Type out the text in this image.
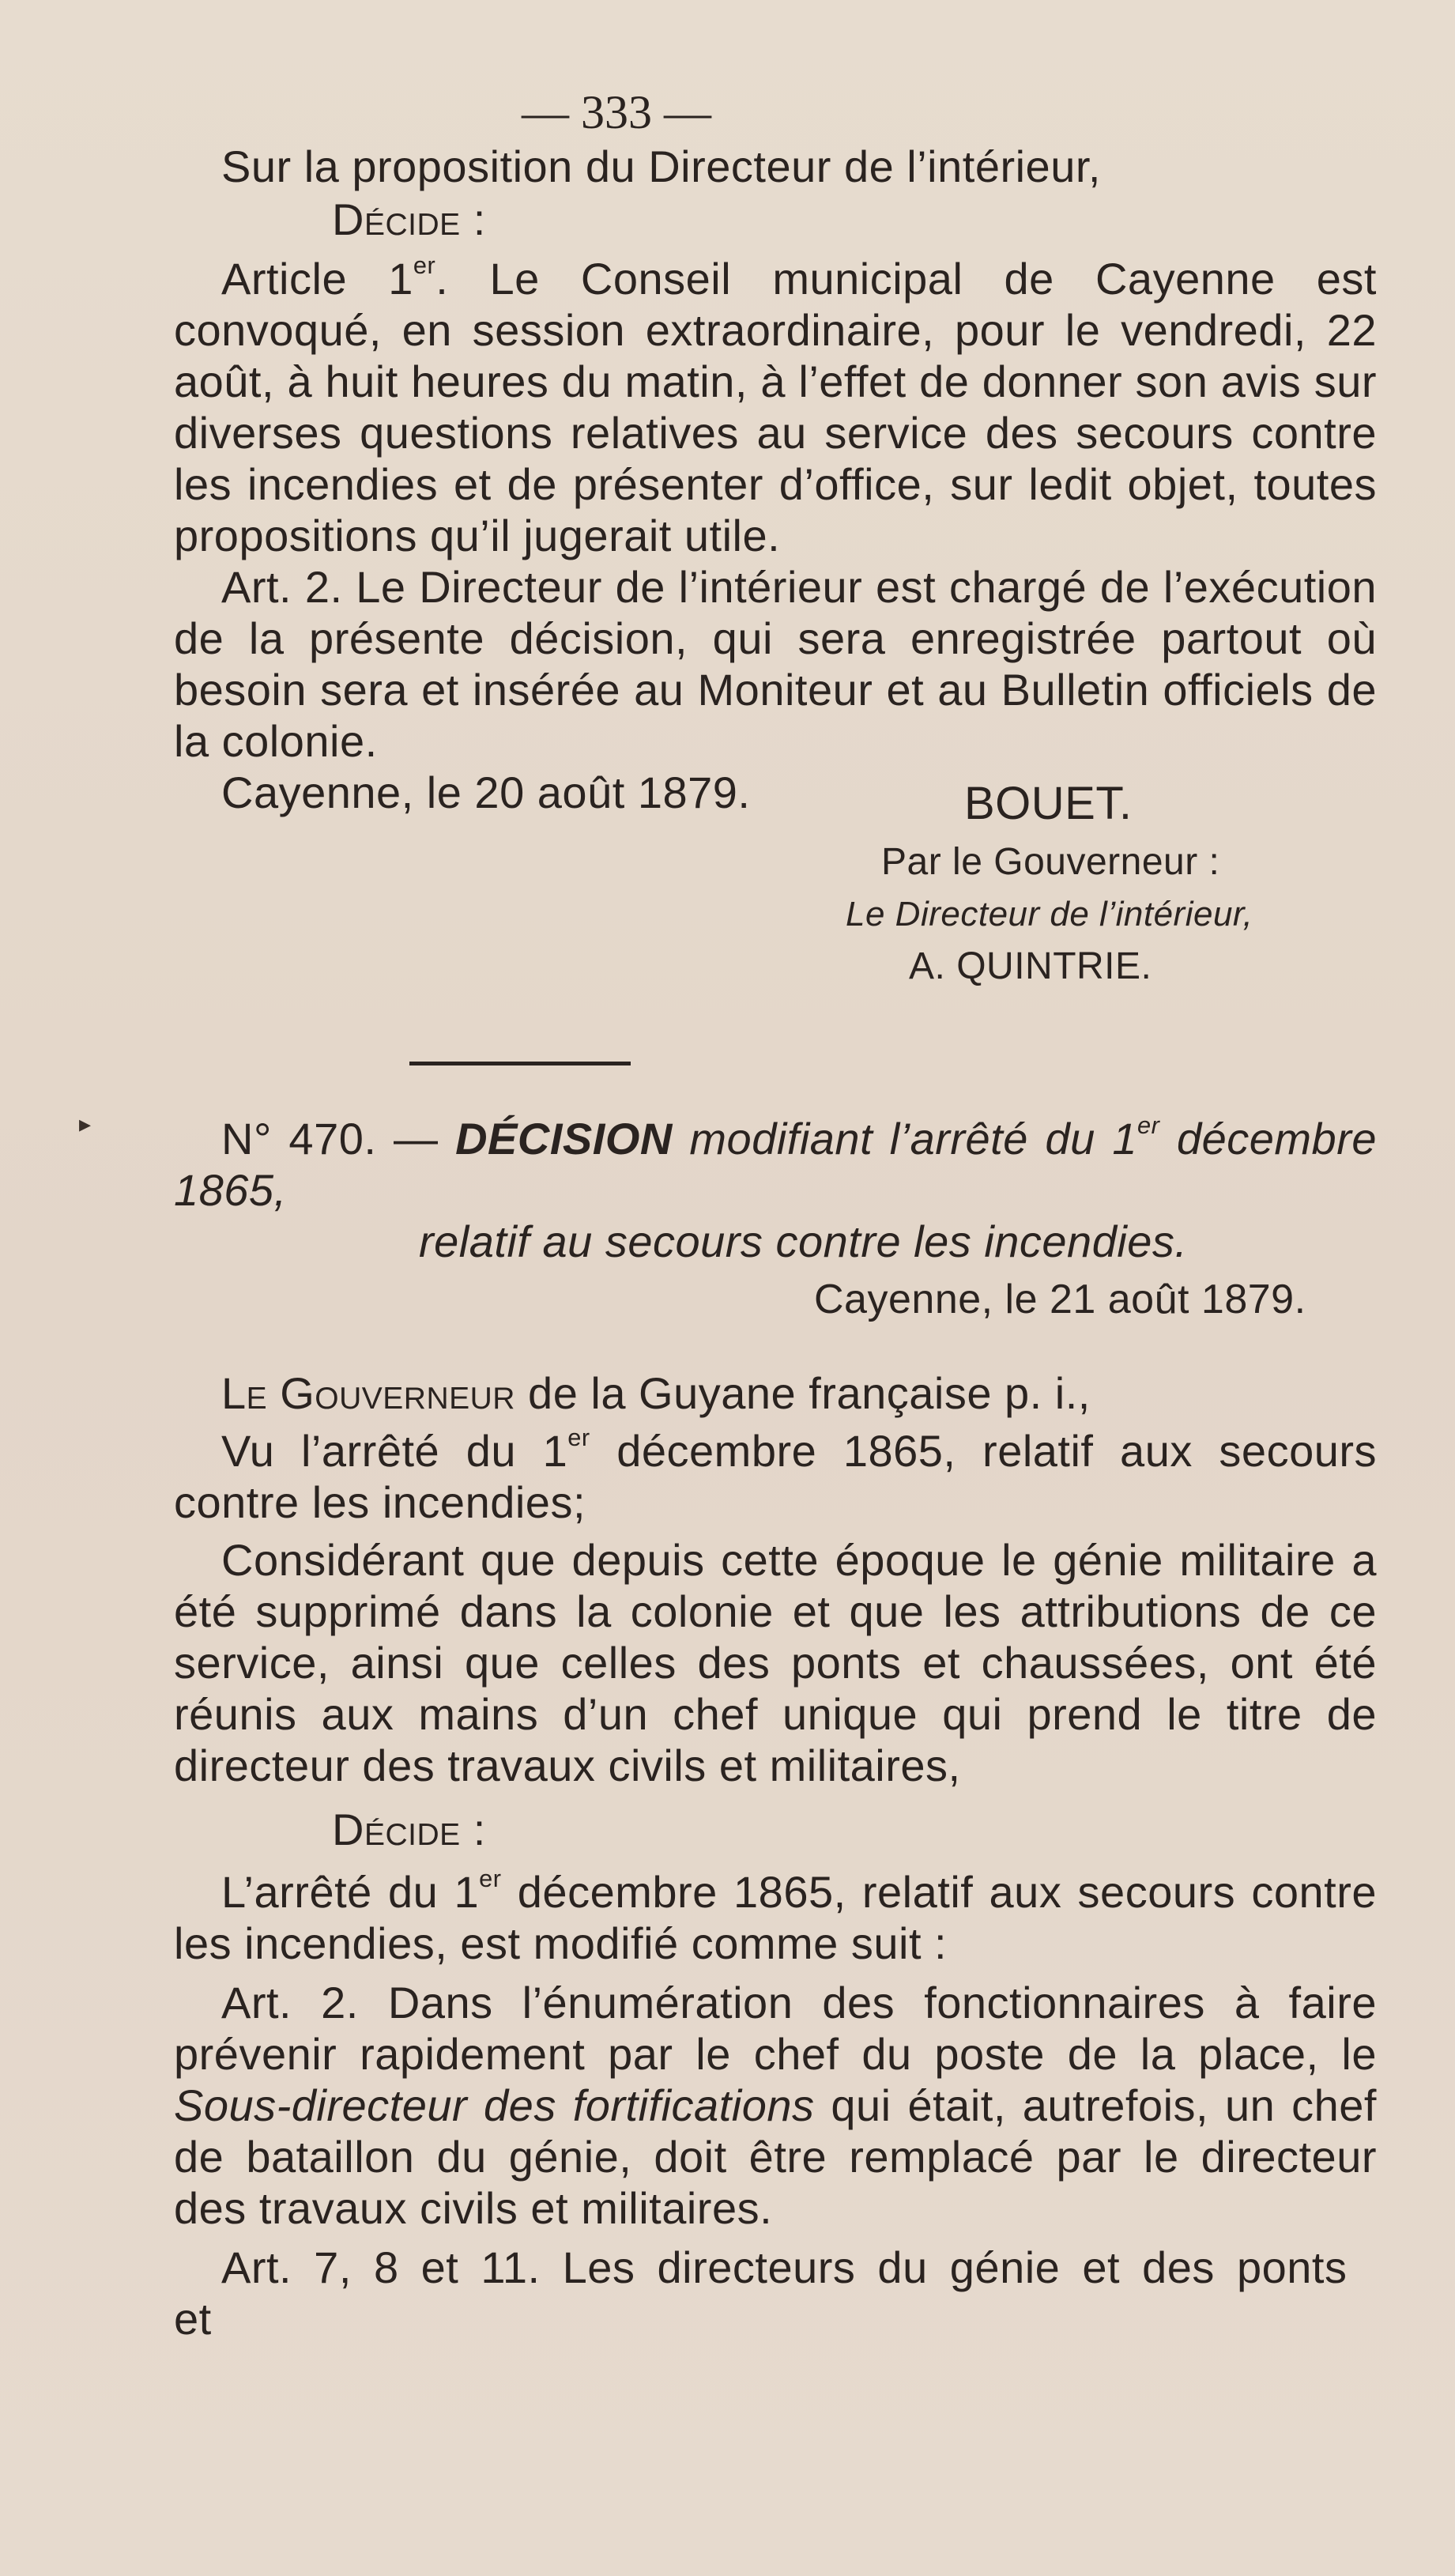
— 333 —

Sur la proposition du Directeur de l’intérieur,

Décide :

Article 1er. Le Conseil municipal de Cayenne est convoqué, en session extraordinaire, pour le vendredi, 22 août, à huit heures du matin, à l’effet de donner son avis sur diverses questions relatives au service des secours contre les incendies et de présenter d’office, sur ledit objet, toutes propositions qu’il jugerait utile.

Art. 2. Le Directeur de l’intérieur est chargé de l’exécution de la présente décision, qui sera enregistrée partout où besoin sera et insérée au Moniteur et au Bulletin officiels de la colonie.

Cayenne, le 20 août 1879.	BOUET.
Par le Gouverneur :
Le Directeur de l’intérieur,
A. QUINTRIE.
▸	N° 470. — DÉCISION modifiant l’arrêté du 1er décembre 1865,

relatif au secours contre les incendies.

Cayenne, le 21 août 1879.

Le Gouverneur de la Guyane française p. i.,

Vu l’arrêté du 1er décembre 1865, relatif aux secours contre les incendies;

Considérant que depuis cette époque le génie militaire a été supprimé dans la colonie et que les attributions de ce service, ainsi que celles des ponts et chaussées, ont été réunis aux mains d’un chef unique qui prend le titre de directeur des travaux civils et militaires,

Décide :

L’arrêté du 1er décembre 1865, relatif aux secours contre les incendies, est modifié comme suit :

Art. 2. Dans l’énumération des fonctionnaires à faire prévenir rapidement par le chef du poste de la place, le Sous-directeur des fortifications qui était, autrefois, un chef de bataillon du génie, doit être remplacé par le directeur des travaux civils et militaires.

Art. 7, 8 et 11. Les directeurs du génie et des ponts et
